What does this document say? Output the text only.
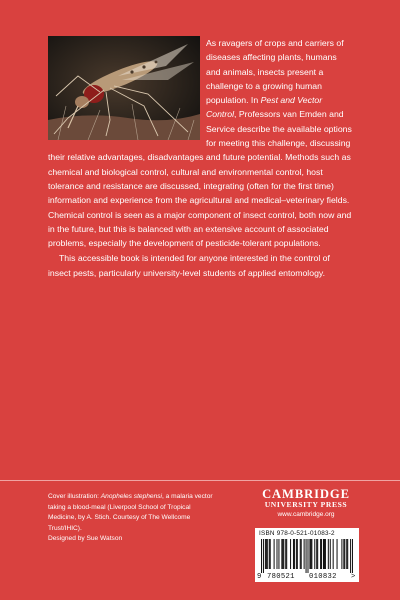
As ravagers of crops and carriers of diseases affecting plants, humans and animals, insects present a challenge to a growing human population. In Pest and Vector Control, Professors van Emden and Service describe the available options for meeting this challenge, discussing their relative advantages, disadvantages and future potential. Methods such as chemical and biological control, cultural and environmental control, host tolerance and resistance are discussed, integrating (often for the first time) information and experience from the agricultural and medical–veterinary fields. Chemical control is seen as a major component of insect control, both now and in the future, but this is balanced with an extensive account of associated problems, especially the development of pesticide-tolerant populations.

This accessible book is intended for anyone interested in the control of insect pests, particularly university-level students of applied entomology.

Cover illustration: Anopheles stephensi, a malaria vector taking a blood-meal (Liverpool School of Tropical Medicine, by A. Stich. Courtesy of The Wellcome Trust/IHIC).

Designed by Sue Watson

CAMBRIDGE
UNIVERSITY PRESS
www.cambridge.org
ISBN 978-0-521-01083-2
9 780521 010832 >
